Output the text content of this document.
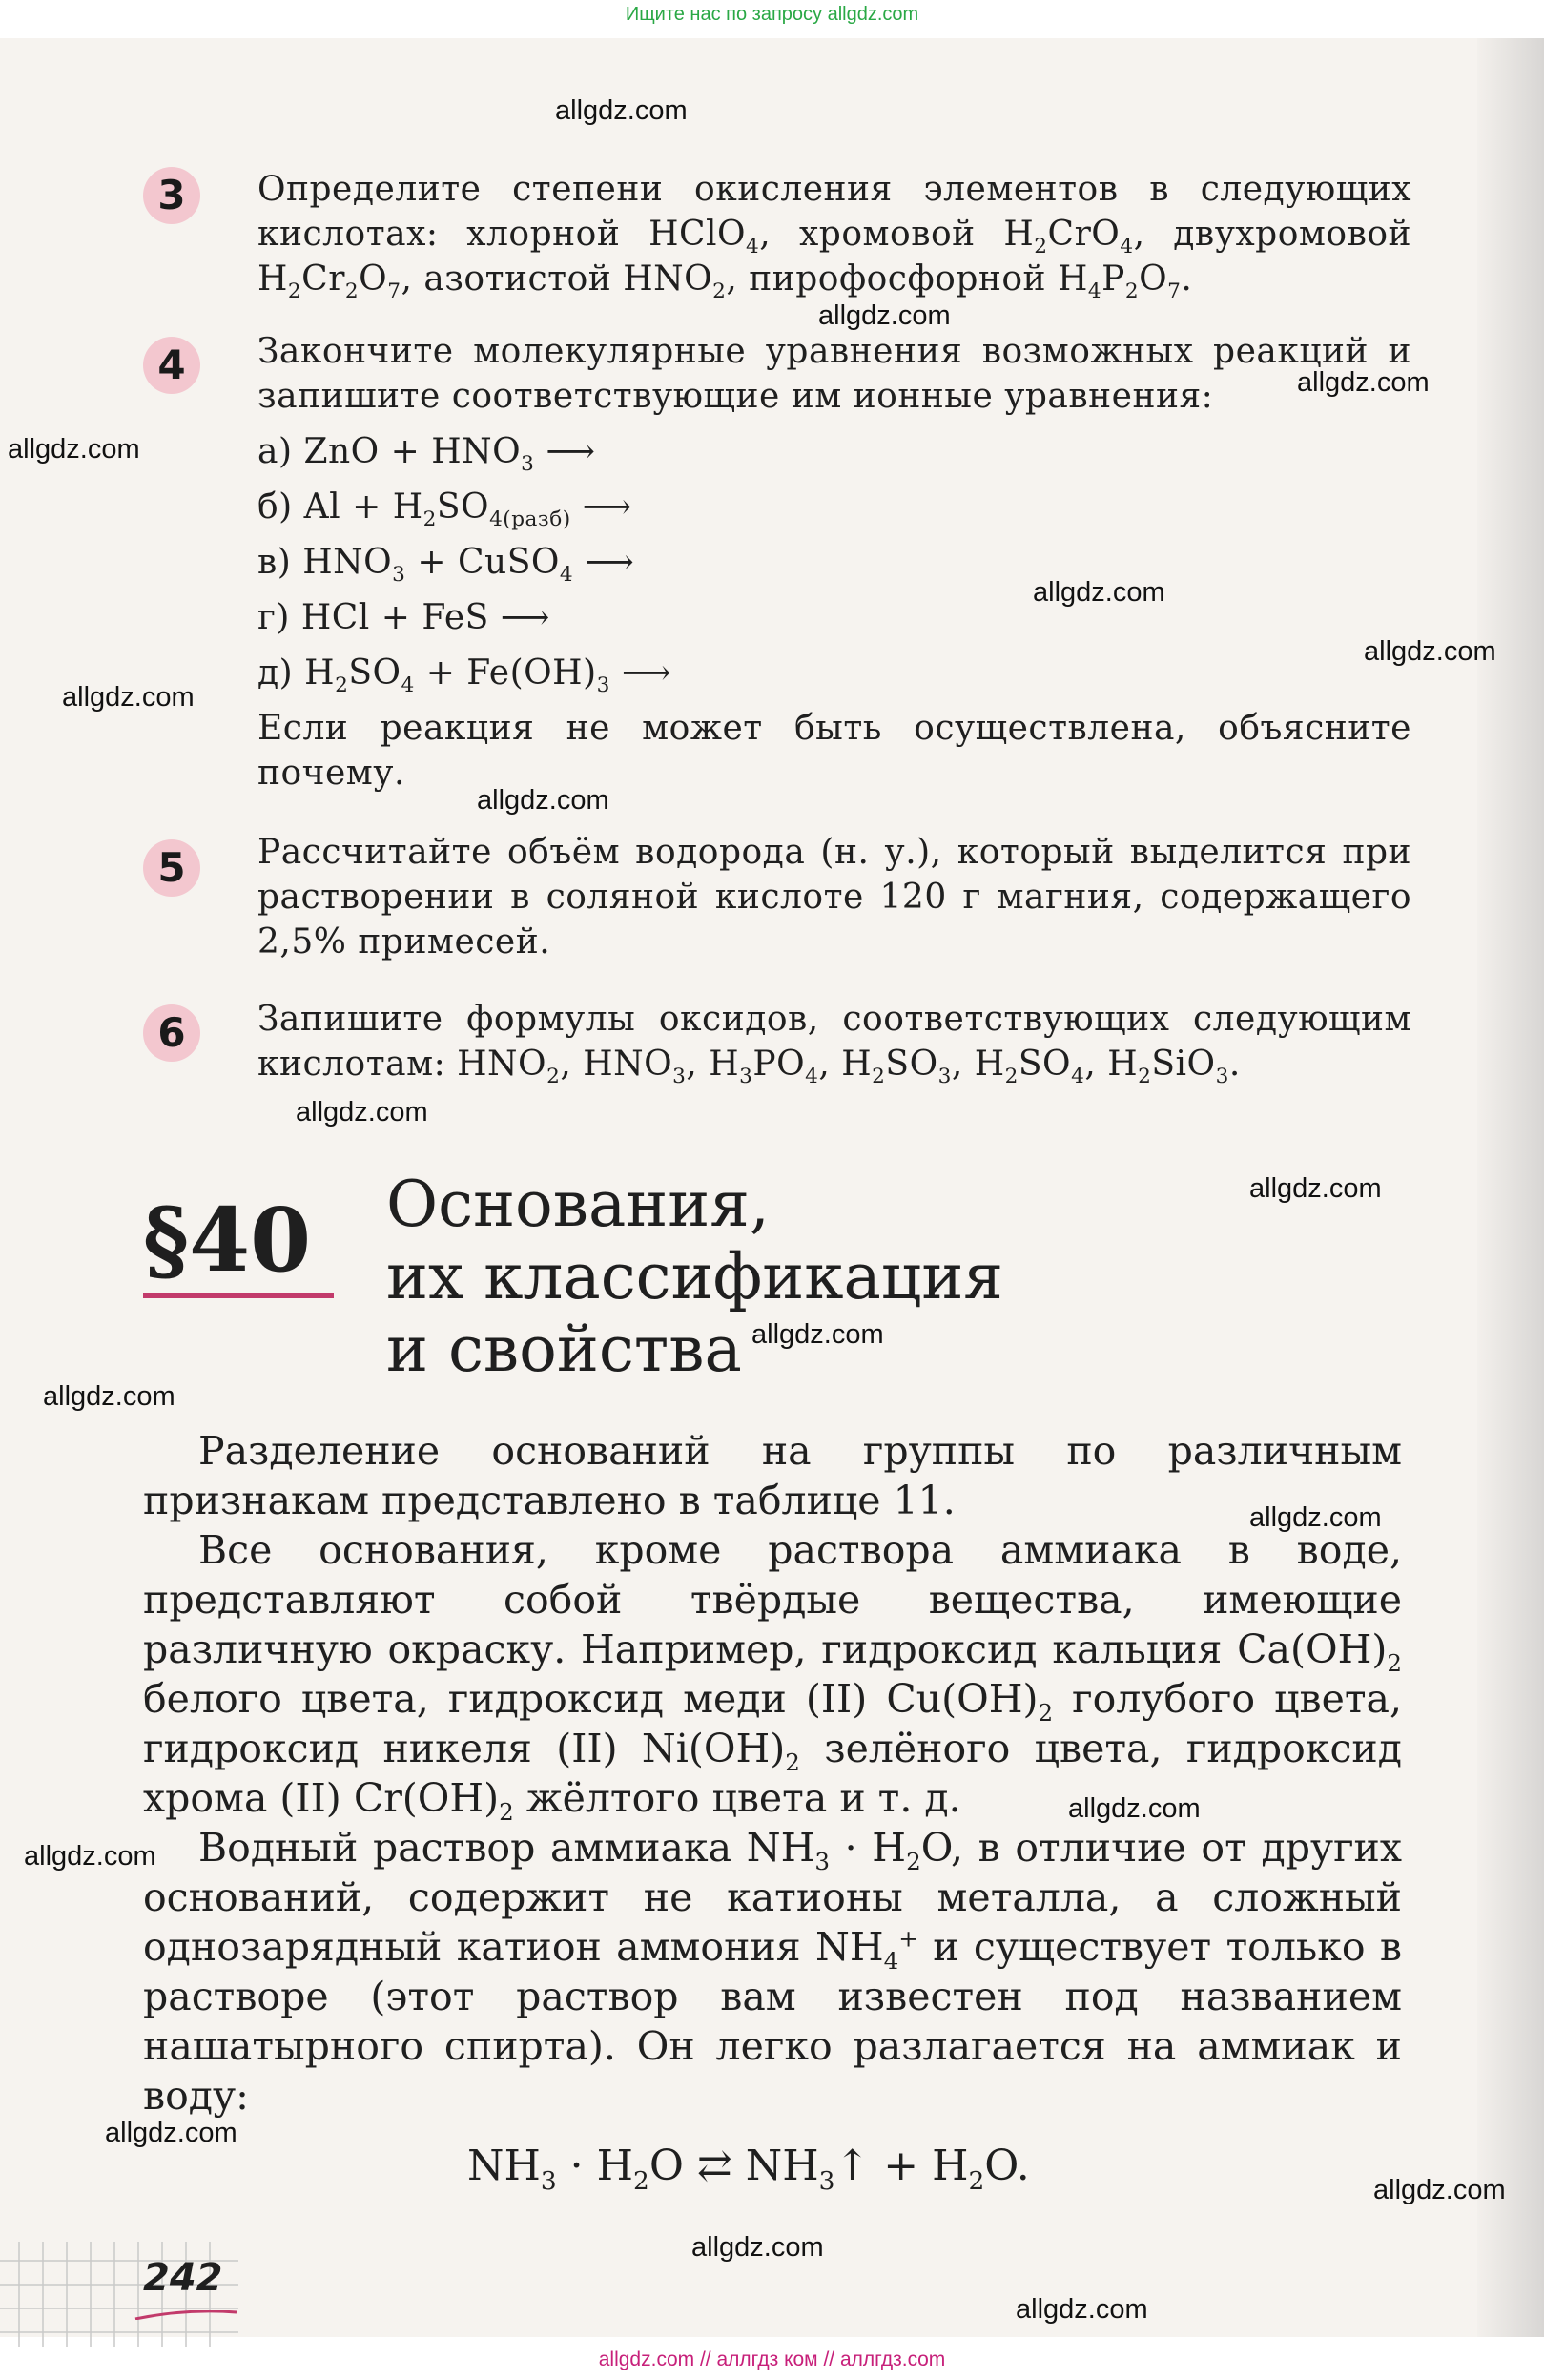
Ищите нас по запросу allgdz.com
allgdz.com
allgdz.com
allgdz.com
allgdz.com
allgdz.com
allgdz.com
allgdz.com
allgdz.com
allgdz.com
allgdz.com
allgdz.com
allgdz.com
allgdz.com
allgdz.com
allgdz.com
allgdz.com
allgdz.com
allgdz.com
allgdz.com
3	Определите степени окисления элементов в следующих кислотах: хлорной HClO$_4$, хромовой $H_2CrO_4$, двухромовой $H_2Cr_2O_7$, азотистой $HNO_2$, пирофосфорной $H_4P_2O_7$.
4	Закончите молекулярные уравнения возможных реакций и запишите соответствующие им ионные уравнения:
а) ZnO + $HNO_3$ ⟶
б) $Al + H_2SO_{4(разб)}$ ⟶
в) $HNO_3$ + CuSO$_4$ ⟶
г) HCl + FeS ⟶
д) $H_2SO_4 + Fe(OH)_3$ ⟶
Если реакция не может быть осуществлена, объясните почему.
5	Рассчитайте объём водорода (н. у.), который выделится при растворении в соляной кислоте 120 г магния, содержащего 2,5% примесей.
6	Запишите формулы оксидов, соответствующих следующим кислотам: $HNO_2$, $HNO_3$, $H_3PO_4$, $H_2SO_3$, $H_2SO_4$, $H_2SiO_3$.
§40 Основания,
их классификация
и свойства

Разделение оснований на группы по различным признакам представлено в таблице 11.

Все основания, кроме раствора аммиака в воде, представляют собой твёрдые вещества, имеющие различную окраску. Например, гидроксид кальция $Ca(OH)_2$ белого цвета, гидроксид меди (II) $Cu(OH)_2$ голубого цвета, гидроксид никеля (II) $Ni(OH)_2$ зелёного цвета, гидроксид хрома (II) $Cr(OH)_2$ жёлтого цвета и т. д.

Водный раствор аммиака $NH_3 \cdot H_2O$, в отличие от других оснований, содержит не катионы металла, а сложный однозарядный катион аммония $NH_4^+$ и существует только в растворе (этот раствор вам известен под названием нашатырного спирта). Он легко разлагается на аммиак и воду:

$NH_3 \cdot H_2O$ ⇄ $NH_3↑ + H_2O$.
242
allgdz.com // аллгдз ком // аллгдз.com
